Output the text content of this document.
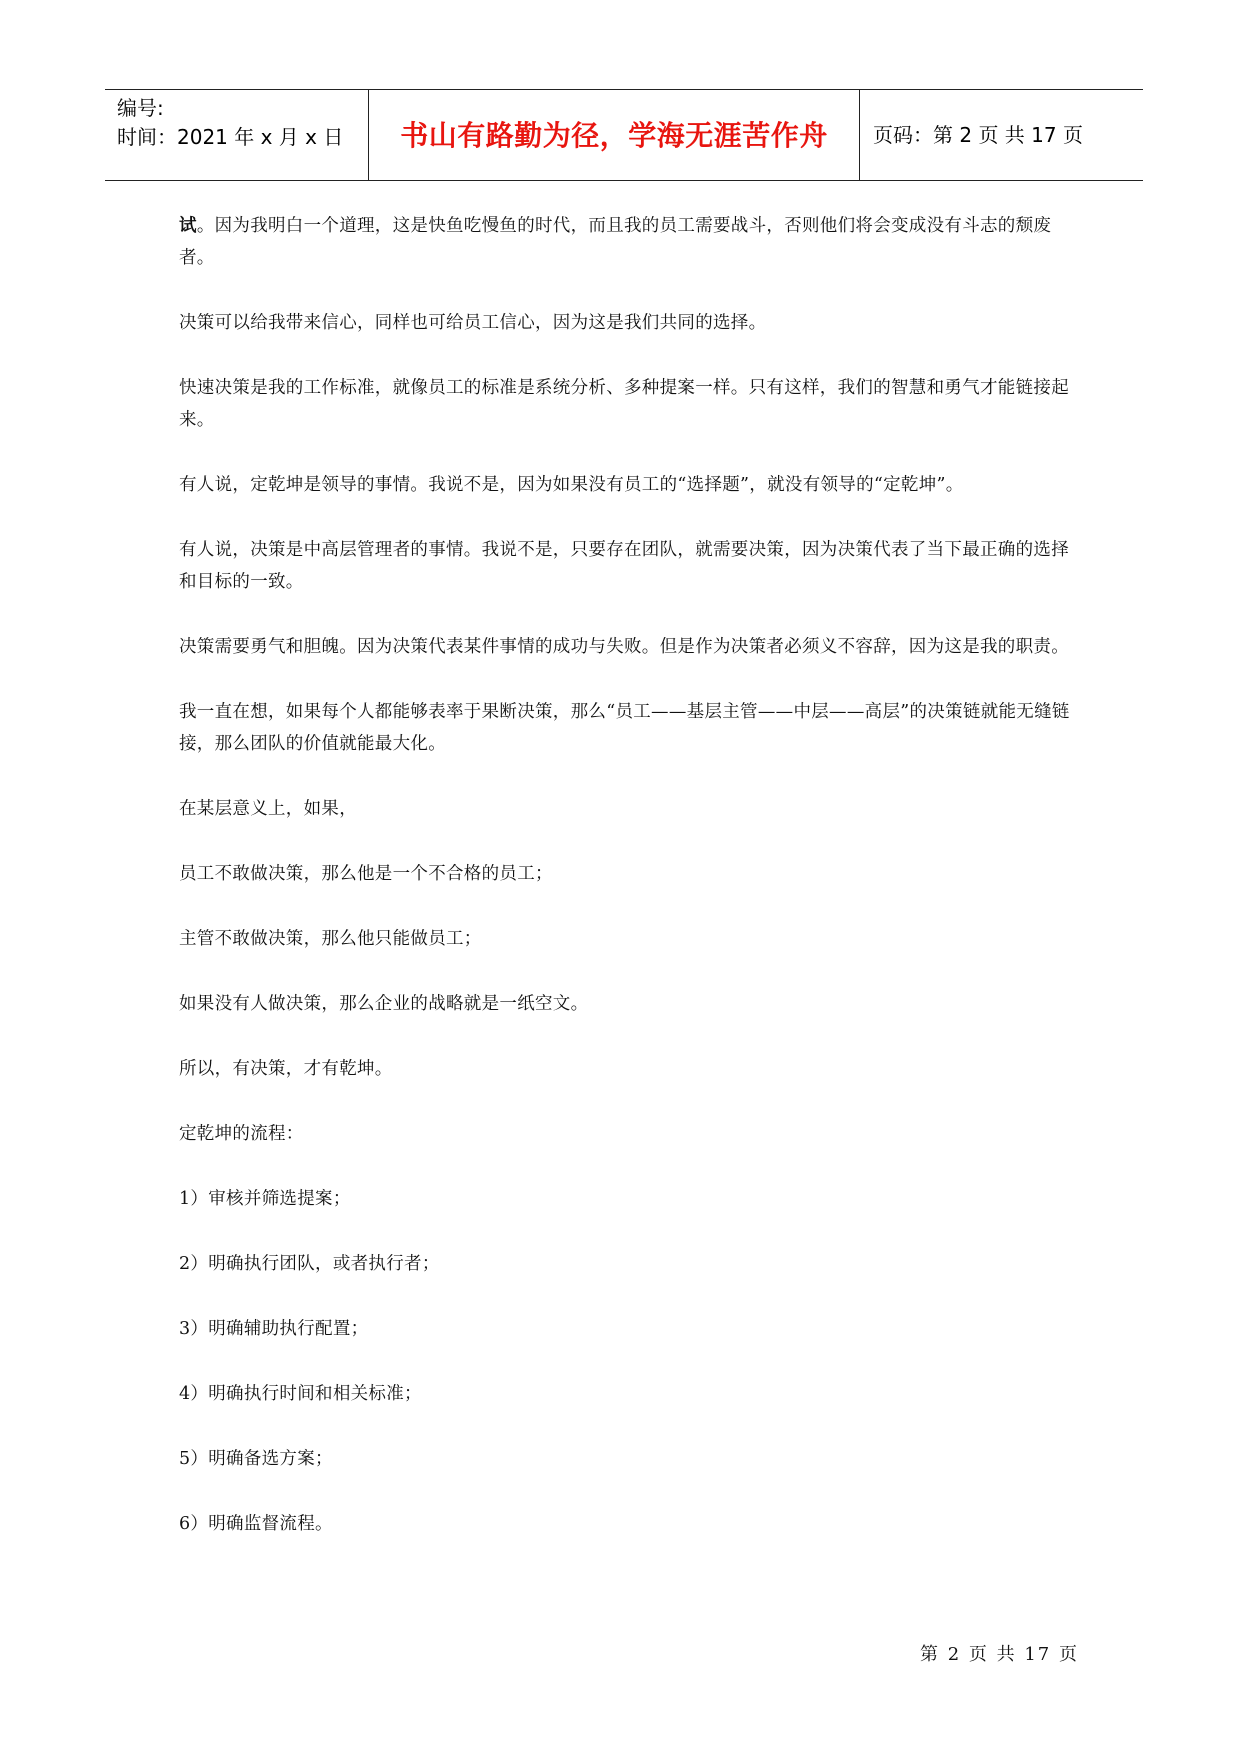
编号:
时间：2021 年 x 月 x 日	书山有路勤为径，学海无涯苦作舟	页码：第 2 页 共 17 页

试。因为我明白一个道理，这是快鱼吃慢鱼的时代，而且我的员工需要战斗，否则他们将会变成没有斗志的颓废者。

决策可以给我带来信心，同样也可给员工信心，因为这是我们共同的选择。

快速决策是我的工作标准，就像员工的标准是系统分析、多种提案一样。只有这样，我们的智慧和勇气才能链接起来。

有人说，定乾坤是领导的事情。我说不是，因为如果没有员工的“选择题”，就没有领导的“定乾坤”。

有人说，决策是中高层管理者的事情。我说不是，只要存在团队，就需要决策，因为决策代表了当下最正确的选择和目标的一致。

决策需要勇气和胆魄。因为决策代表某件事情的成功与失败。但是作为决策者必须义不容辞，因为这是我的职责。

我一直在想，如果每个人都能够表率于果断决策，那么“员工——基层主管——中层——高层”的决策链就能无缝链接，那么团队的价值就能最大化。

在某层意义上，如果，

员工不敢做决策，那么他是一个不合格的员工；

主管不敢做决策，那么他只能做员工；

如果没有人做决策，那么企业的战略就是一纸空文。

所以，有决策，才有乾坤。

定乾坤的流程：

1）审核并筛选提案；

2）明确执行团队，或者执行者；

3）明确辅助执行配置；

4）明确执行时间和相关标准；

5）明确备选方案；

6）明确监督流程。

第 2 页 共 17 页
